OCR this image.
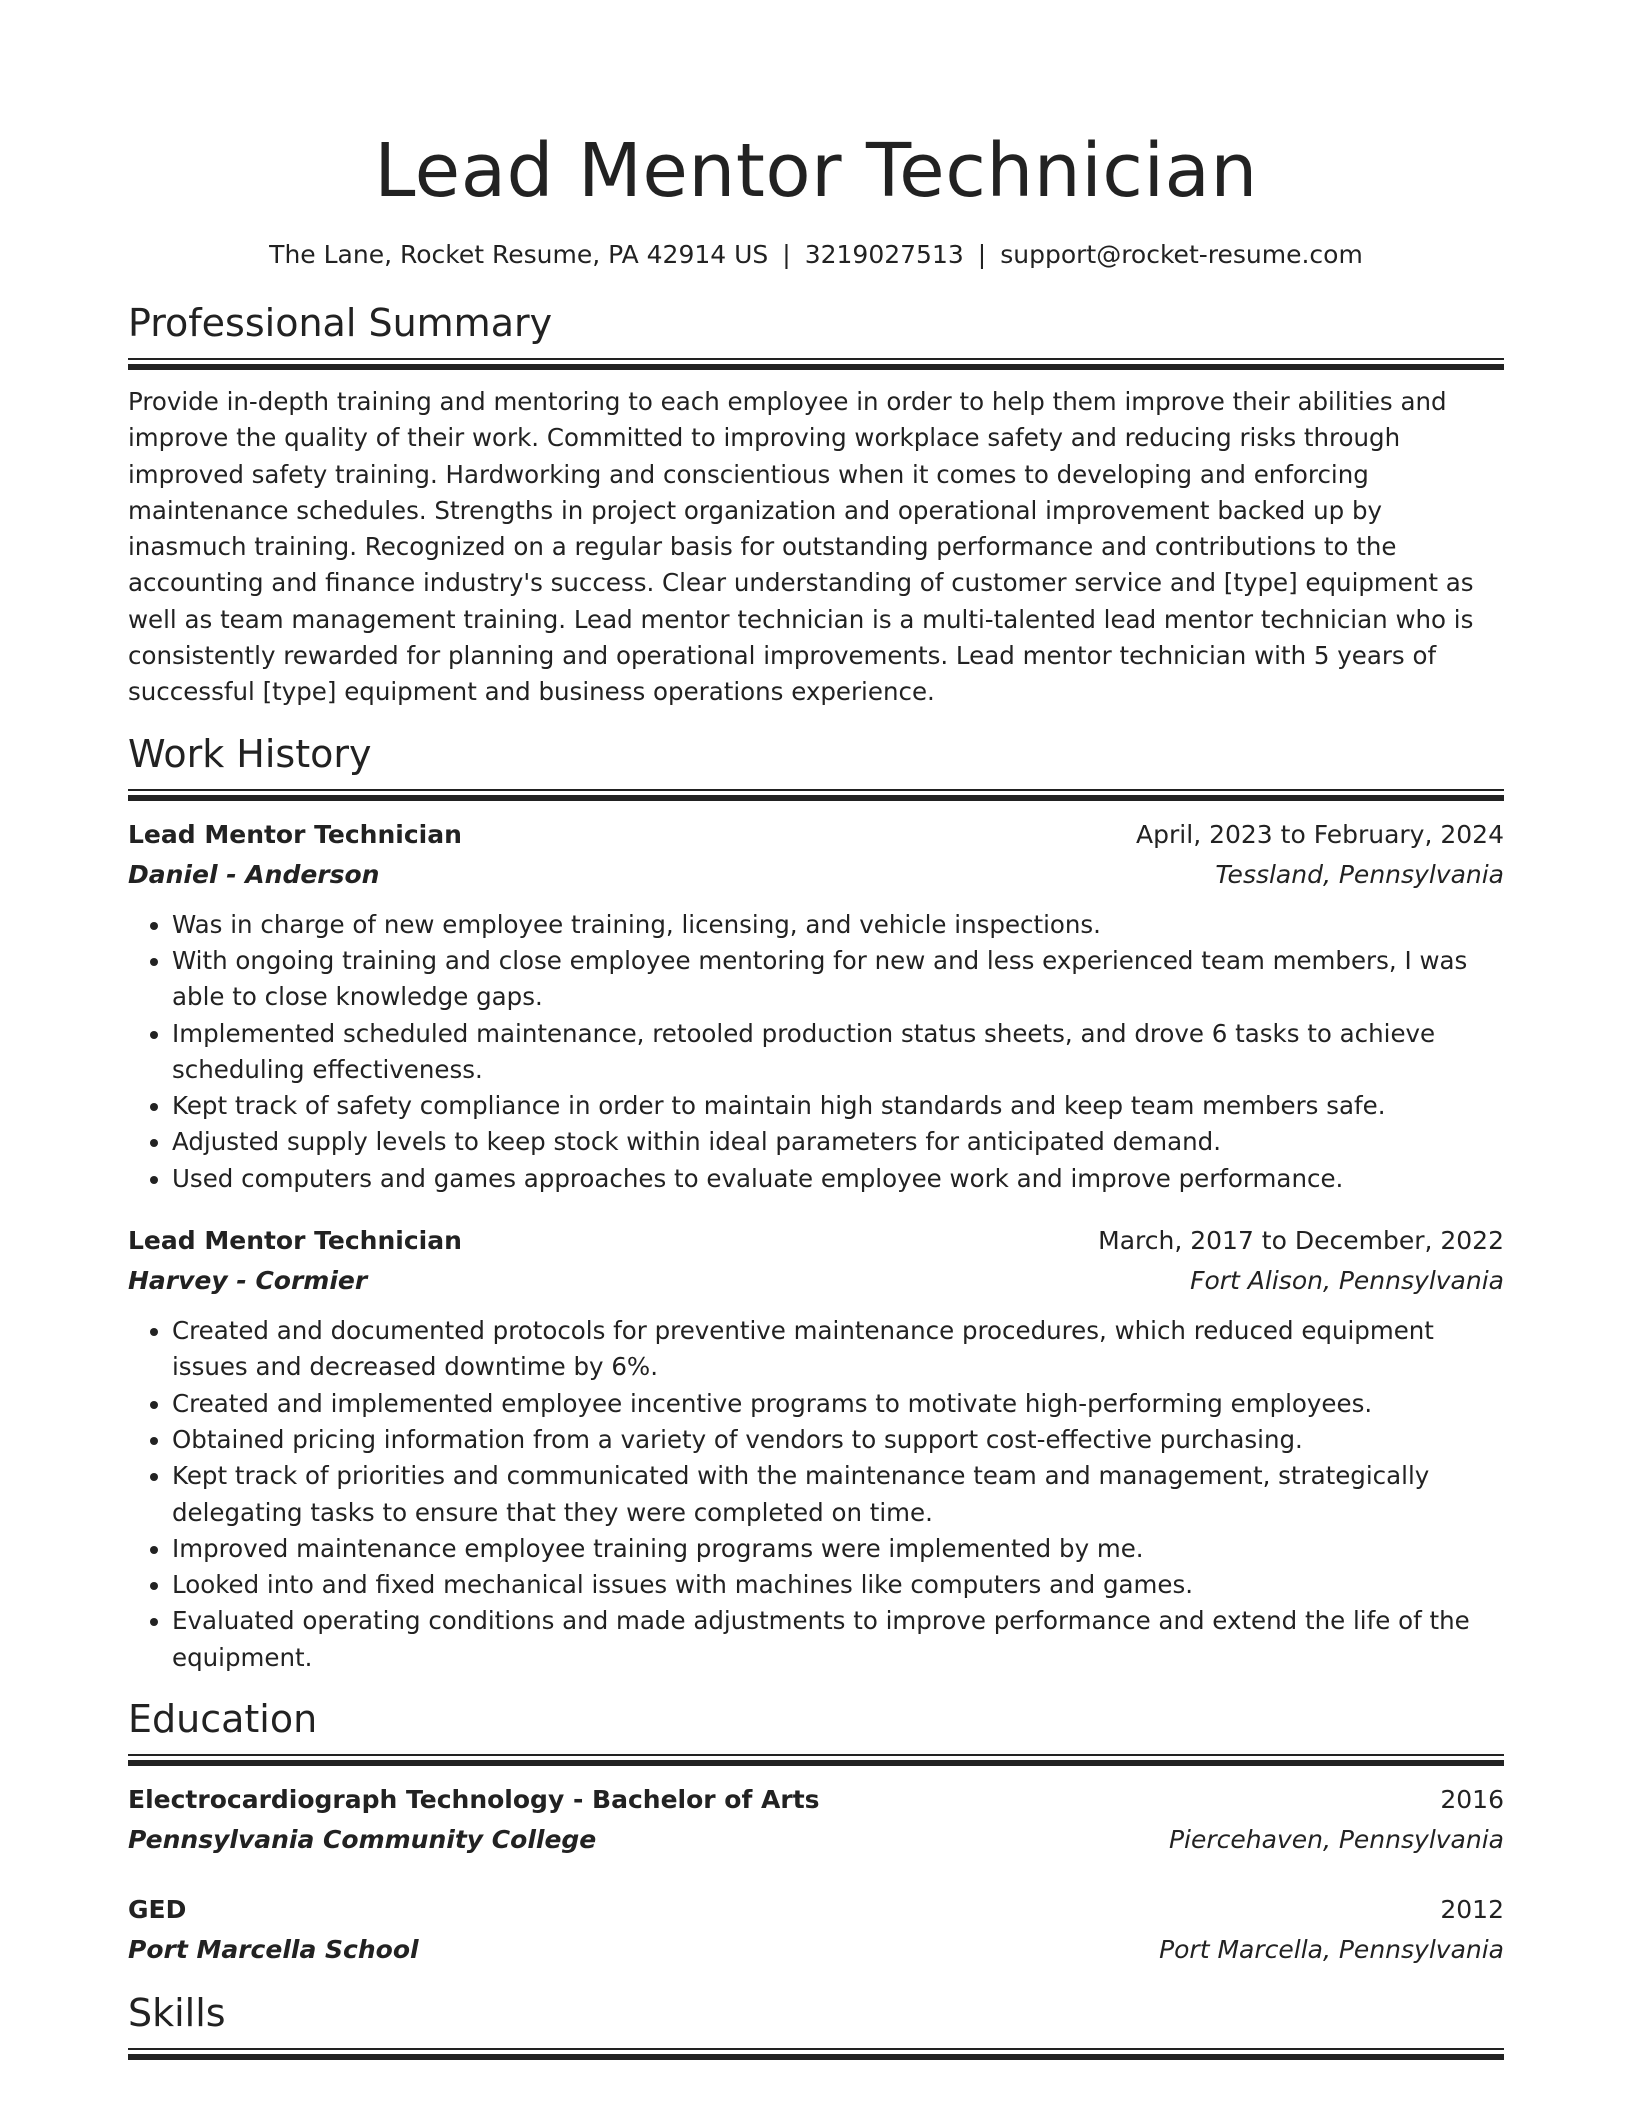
Lead Mentor Technician
The Lane, Rocket Resume, PA 42914 US | 3219027513 | support@rocket-resume.com
Professional Summary

Provide in-depth training and mentoring to each employee in order to help them improve their abilities and improve the quality of their work. Committed to improving workplace safety and reducing risks through improved safety training. Hardworking and conscientious when it comes to developing and enforcing maintenance schedules. Strengths in project organization and operational improvement backed up by inasmuch training. Recognized on a regular basis for outstanding performance and contributions to the accounting and finance industry's success. Clear understanding of customer service and [type] equipment as well as team management training. Lead mentor technician is a multi-talented lead mentor technician who is consistently rewarded for planning and operational improvements. Lead mentor technician with 5 years of successful [type] equipment and business operations experience.

Work History
Lead Mentor Technician	April, 2023 to February, 2024
Daniel - Anderson	Tessland, Pennsylvania
• Was in charge of new employee training, licensing, and vehicle inspections.
• With ongoing training and close employee mentoring for new and less experienced team members, I was able to close knowledge gaps.
• Implemented scheduled maintenance, retooled production status sheets, and drove 6 tasks to achieve scheduling effectiveness.
• Kept track of safety compliance in order to maintain high standards and keep team members safe.
• Adjusted supply levels to keep stock within ideal parameters for anticipated demand.
• Used computers and games approaches to evaluate employee work and improve performance.
Lead Mentor Technician	March, 2017 to December, 2022
Harvey - Cormier	Fort Alison, Pennsylvania
• Created and documented protocols for preventive maintenance procedures, which reduced equipment issues and decreased downtime by 6%.
• Created and implemented employee incentive programs to motivate high-performing employees.
• Obtained pricing information from a variety of vendors to support cost-effective purchasing.
• Kept track of priorities and communicated with the maintenance team and management, strategically delegating tasks to ensure that they were completed on time.
• Improved maintenance employee training programs were implemented by me.
• Looked into and fixed mechanical issues with machines like computers and games.
• Evaluated operating conditions and made adjustments to improve performance and extend the life of the equipment.
Education
Electrocardiograph Technology - Bachelor of Arts	2016
Pennsylvania Community College	Piercehaven, Pennsylvania
GED	2012
Port Marcella School	Port Marcella, Pennsylvania
Skills
